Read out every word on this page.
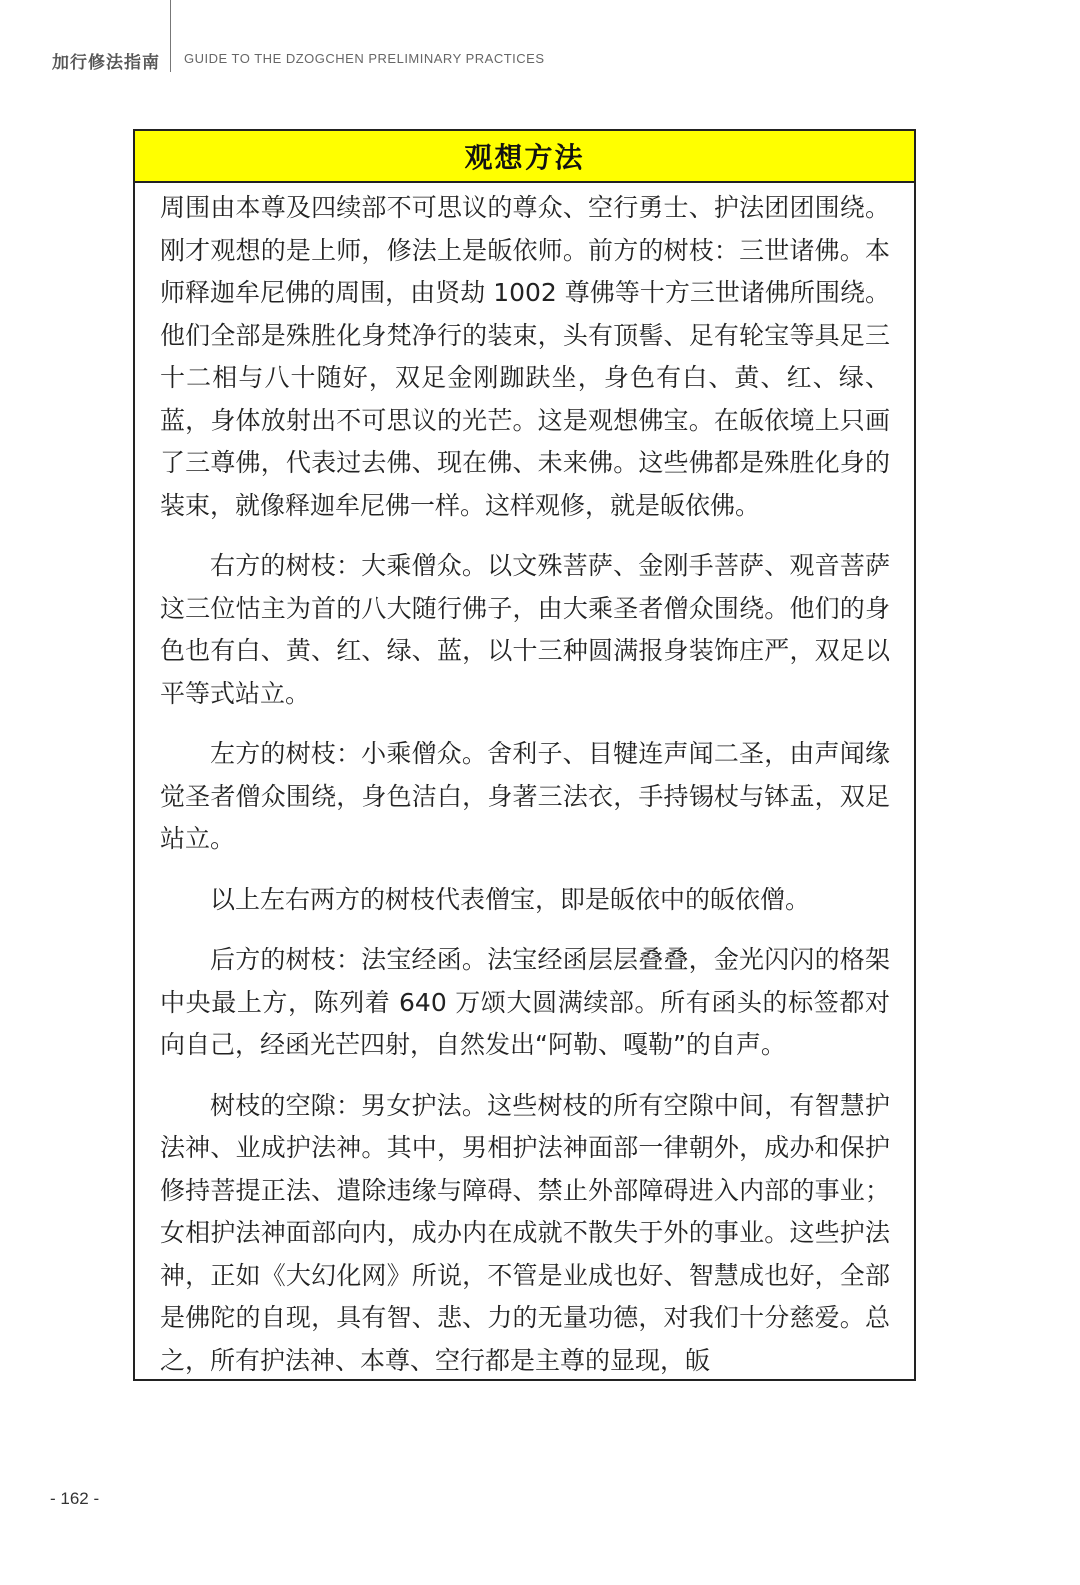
加行修法指南 GUIDE TO THE DZOGCHEN PRELIMINARY PRACTICES
观想方法

周围由本尊及四续部不可思议的尊众、空行勇士、护法团团围绕。刚才观想的是上师，修法上是皈依师。前方的树枝：三世诸佛。本师释迦牟尼佛的周围，由贤劫 1002 尊佛等十方三世诸佛所围绕。他们全部是殊胜化身梵净行的装束，头有顶髻、足有轮宝等具足三十二相与八十随好，双足金刚跏趺坐，身色有白、黄、红、绿、蓝，身体放射出不可思议的光芒。这是观想佛宝。在皈依境上只画了三尊佛，代表过去佛、现在佛、未来佛。这些佛都是殊胜化身的装束，就像释迦牟尼佛一样。这样观修，就是皈依佛。

右方的树枝：大乘僧众。以文殊菩萨、金刚手菩萨、观音菩萨这三位怙主为首的八大随行佛子，由大乘圣者僧众围绕。他们的身色也有白、黄、红、绿、蓝，以十三种圆满报身装饰庄严，双足以平等式站立。

左方的树枝：小乘僧众。舍利子、目犍连声闻二圣，由声闻缘觉圣者僧众围绕，身色洁白，身著三法衣，手持锡杖与钵盂，双足站立。

以上左右两方的树枝代表僧宝，即是皈依中的皈依僧。

后方的树枝：法宝经函。法宝经函层层叠叠，金光闪闪的格架中央最上方，陈列着 640 万颂大圆满续部。所有函头的标签都对向自己，经函光芒四射，自然发出“阿勒、嘎勒”的自声。

树枝的空隙：男女护法。这些树枝的所有空隙中间，有智慧护法神、业成护法神。其中，男相护法神面部一律朝外，成办和保护修持菩提正法、遣除违缘与障碍、禁止外部障碍进入内部的事业；女相护法神面部向内，成办内在成就不散失于外的事业。这些护法神，正如《大幻化网》所说，不管是业成也好、智慧成也好，全部是佛陀的自现，具有智、悲、力的无量功德，对我们十分慈爱。总之，所有护法神、本尊、空行都是主尊的显现，皈

- 162 -
